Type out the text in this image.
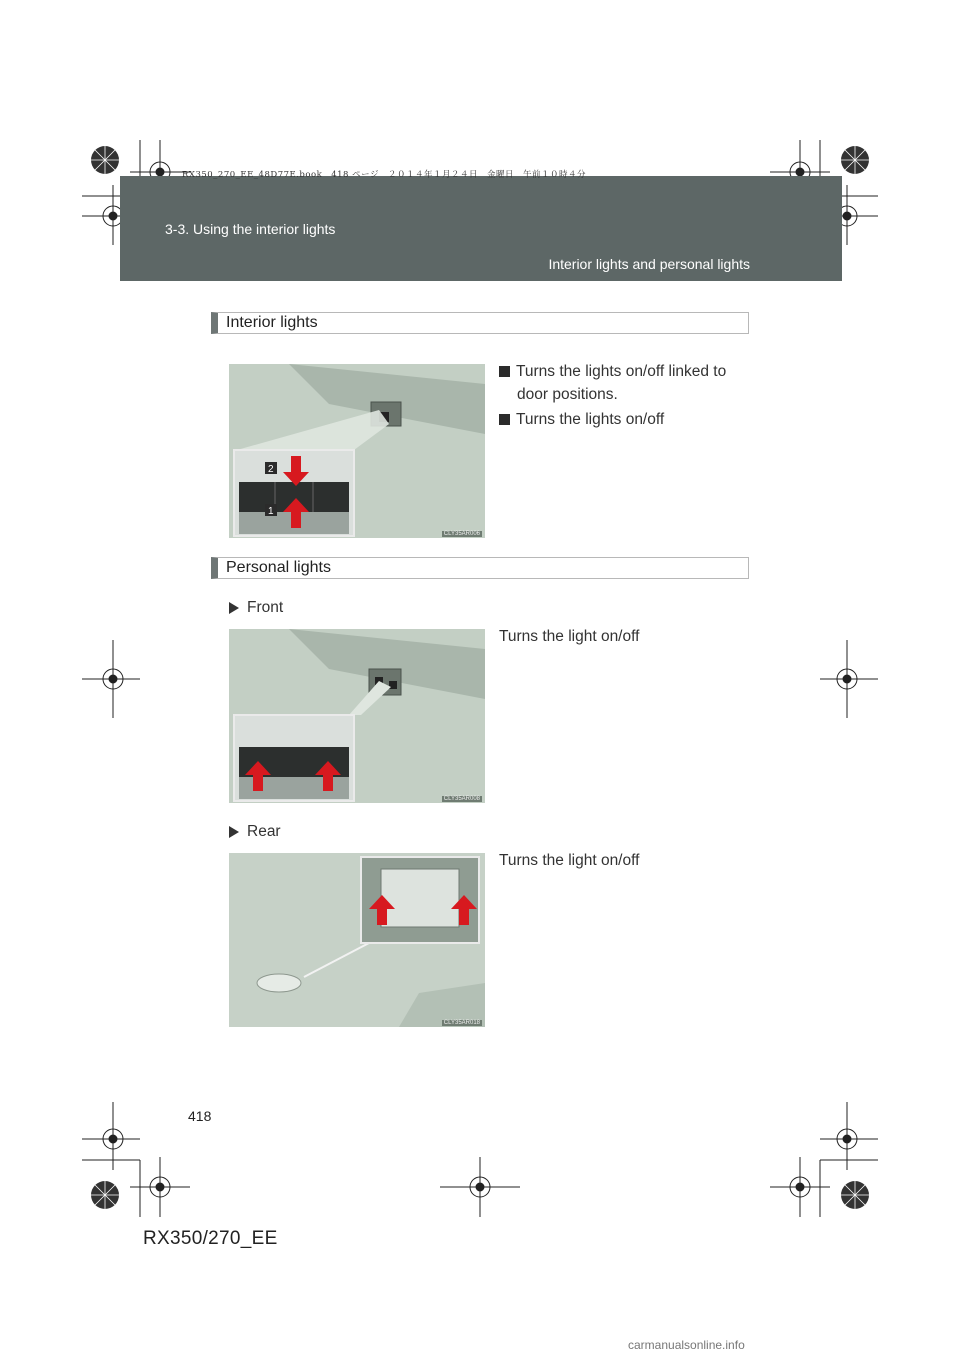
RX350_270_EE_48D77E.book　418 ページ　２０１４年１月２４日　金曜日　午前１０時４分
3-3. Using the interior lights
Interior lights and personal lights
Interior lights
2
1
CLY35AR006
Turns the lights on/off linked to
door positions.
Turns the lights on/off
Personal lights
Front
CLY35AR008
Turns the light on/off
Rear
CLY35AR018
Turns the light on/off
418
RX350/270_EE
carmanualsonline.info
